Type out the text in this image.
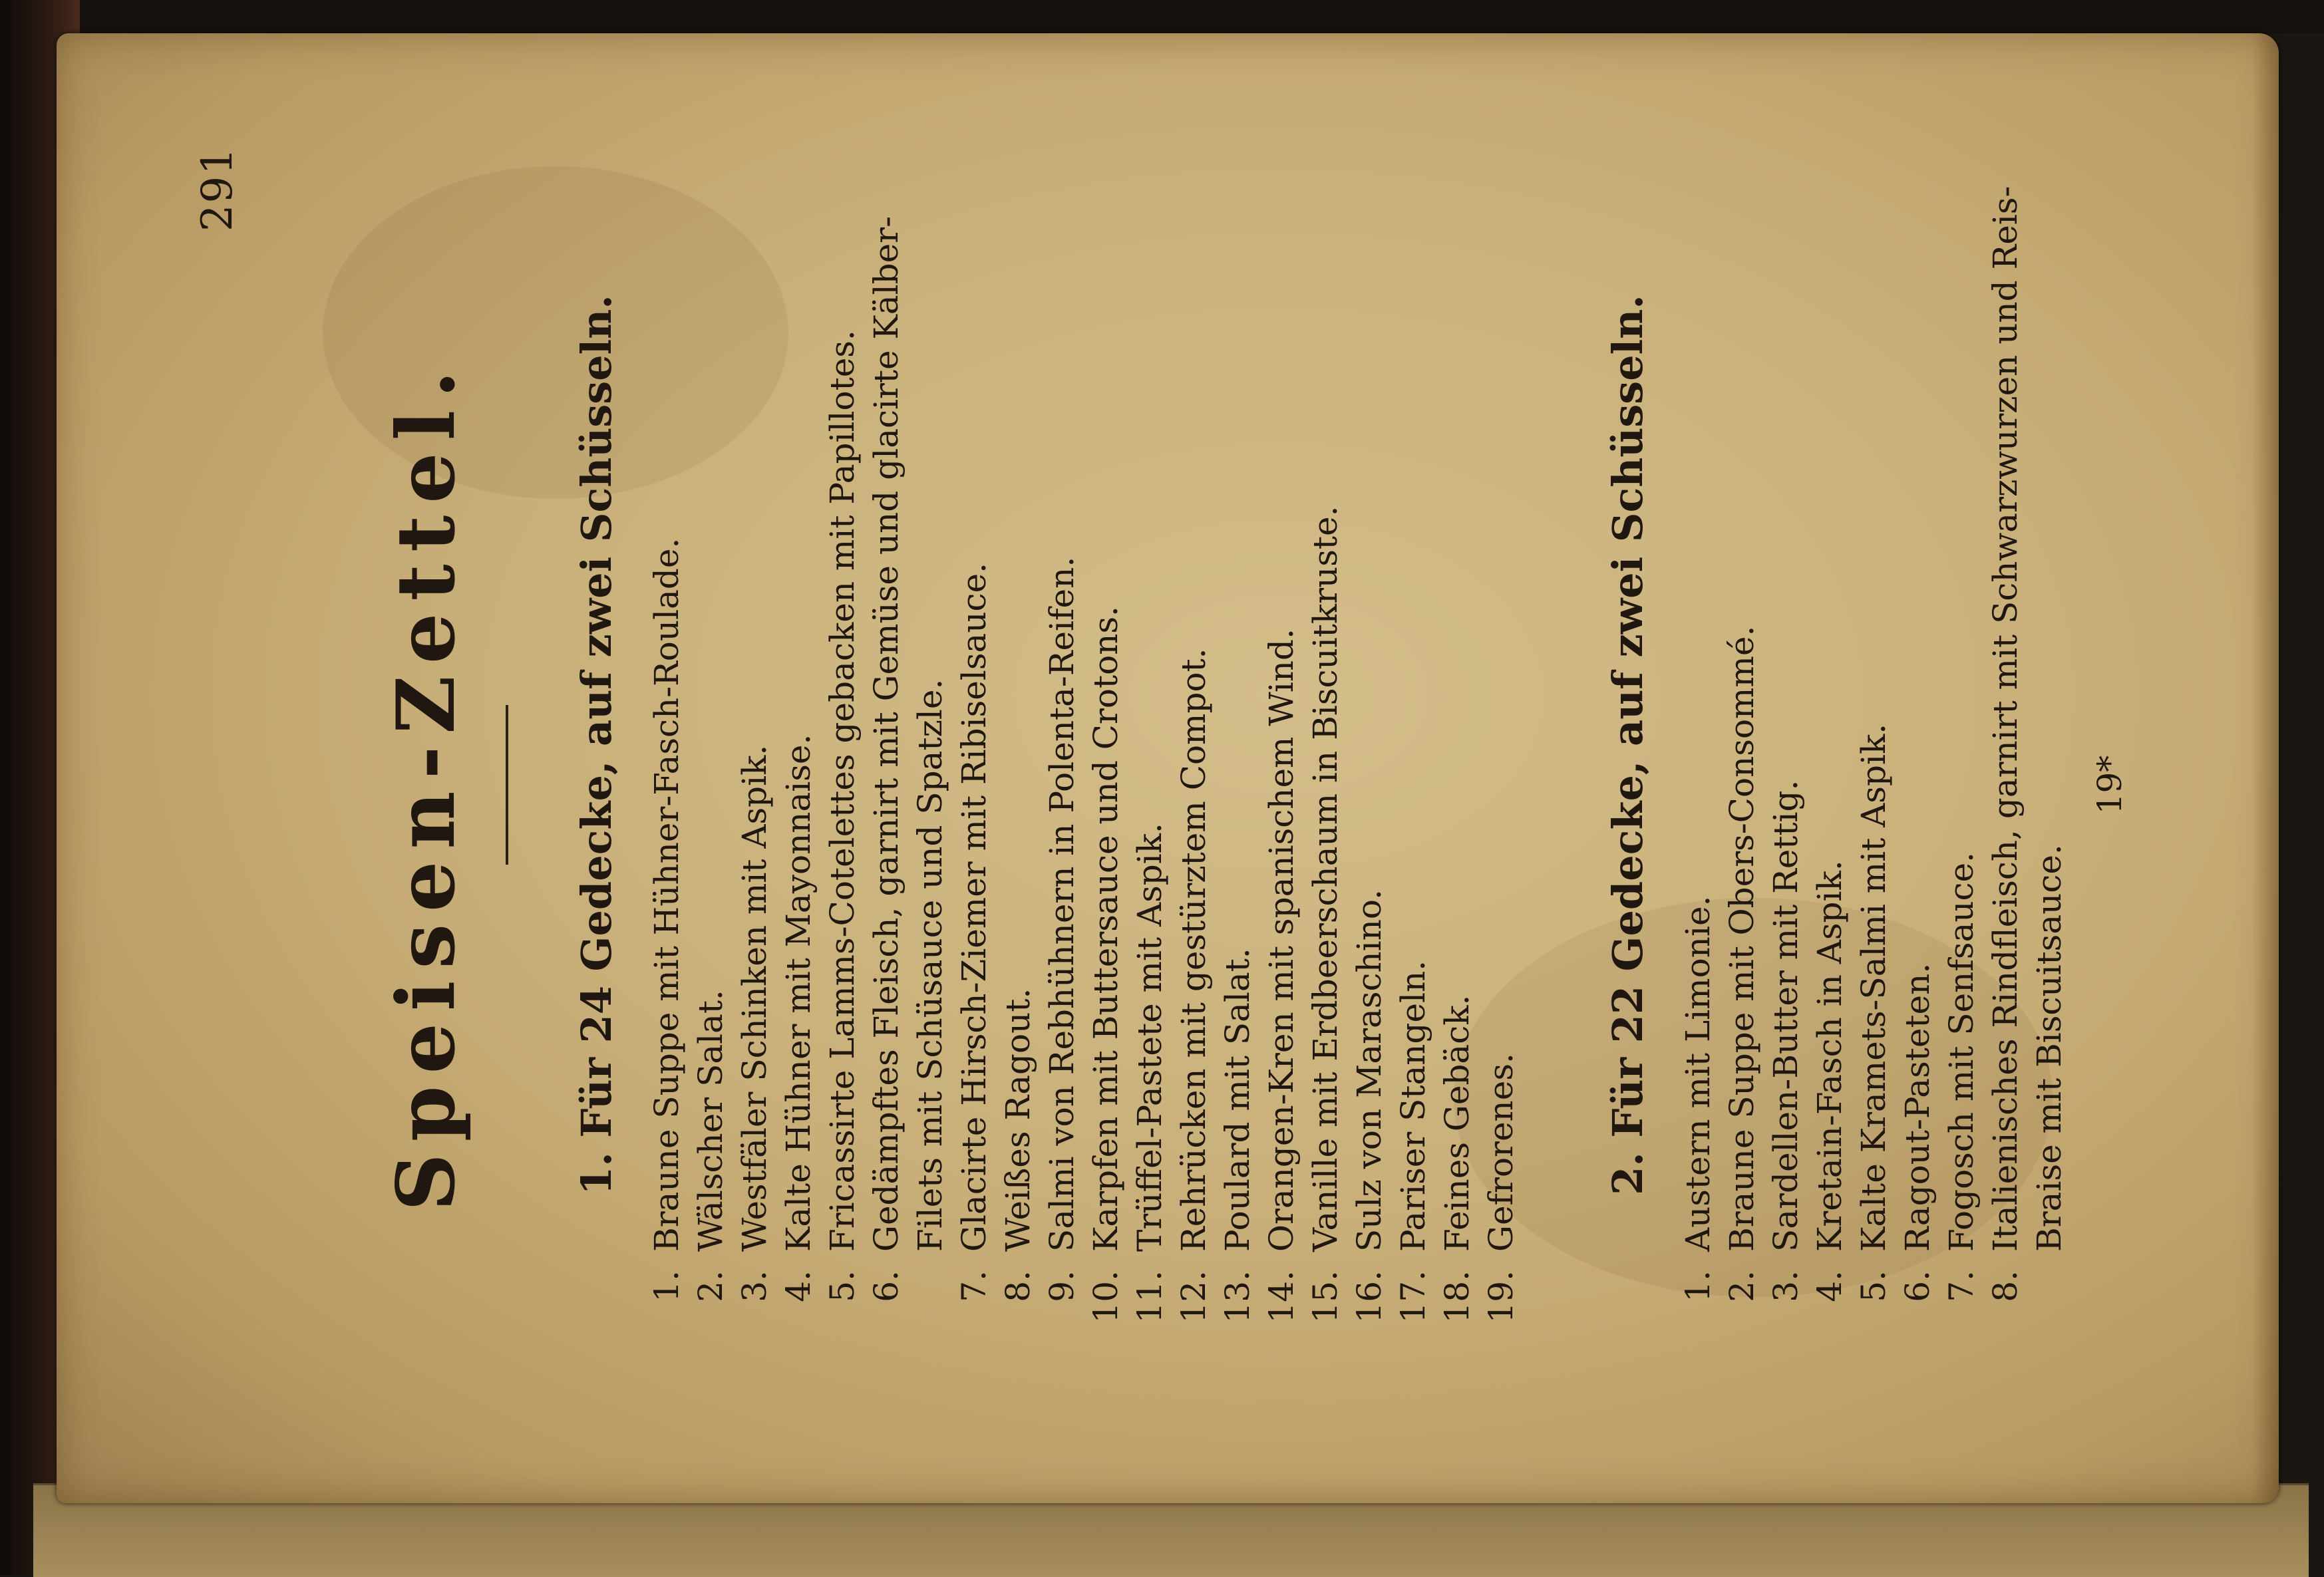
291
Speisen-Zettel. 1. Für 24 Gedecke, auf zwei Schüsseln.
1.
Braune Suppe mit Hühner-Fasch-Roulade.
2.
Wälscher Salat.
3.
Westfäler Schinken mit Aspik.
4.
Kalte Hühner mit Mayonnaise.
5.
Fricassirte Lamms-Cotelettes gebacken mit Papillotes.
6.
Gedämpftes Fleisch, garnirt mit Gemüse und glacirte Kälber-Filets mit Schüsauce und Spatzle.
7.
Glacirte Hirsch-Ziemer mit Ribiselsauce.
8.
Weißes Ragout.
9.
Salmi von Rebhühnern in Polenta-Reifen.
10.
Karpfen mit Buttersauce und Crotons.
11.
Trüffel-Pastete mit Aspik.
12.
Rehrücken mit gestürztem Compot.
13.
Poulard mit Salat.
14.
Orangen-Kren mit spanischem Wind.
15.
Vanille mit Erdbeerschaum in Biscuitkruste.
16.
Sulz von Maraschino.
17.
Pariser Stangeln.
18.
Feines Gebäck.
19.
Gefrorenes. 2. Für 22 Gedecke, auf zwei Schüsseln.
1.
Austern mit Limonie.
2.
Braune Suppe mit Obers-Consommé.
3.
Sardellen-Butter mit Rettig.
4.
Kretain-Fasch in Aspik.
5.
Kalte Kramets-Salmi mit Aspik.
6.
Ragout-Pasteten.
7.
Fogosch mit Senfsauce.
8.
Italienisches Rindfleisch, garnirt mit Schwarzwurzen und Reis-Braise mit Biscuitsauce.
19*
